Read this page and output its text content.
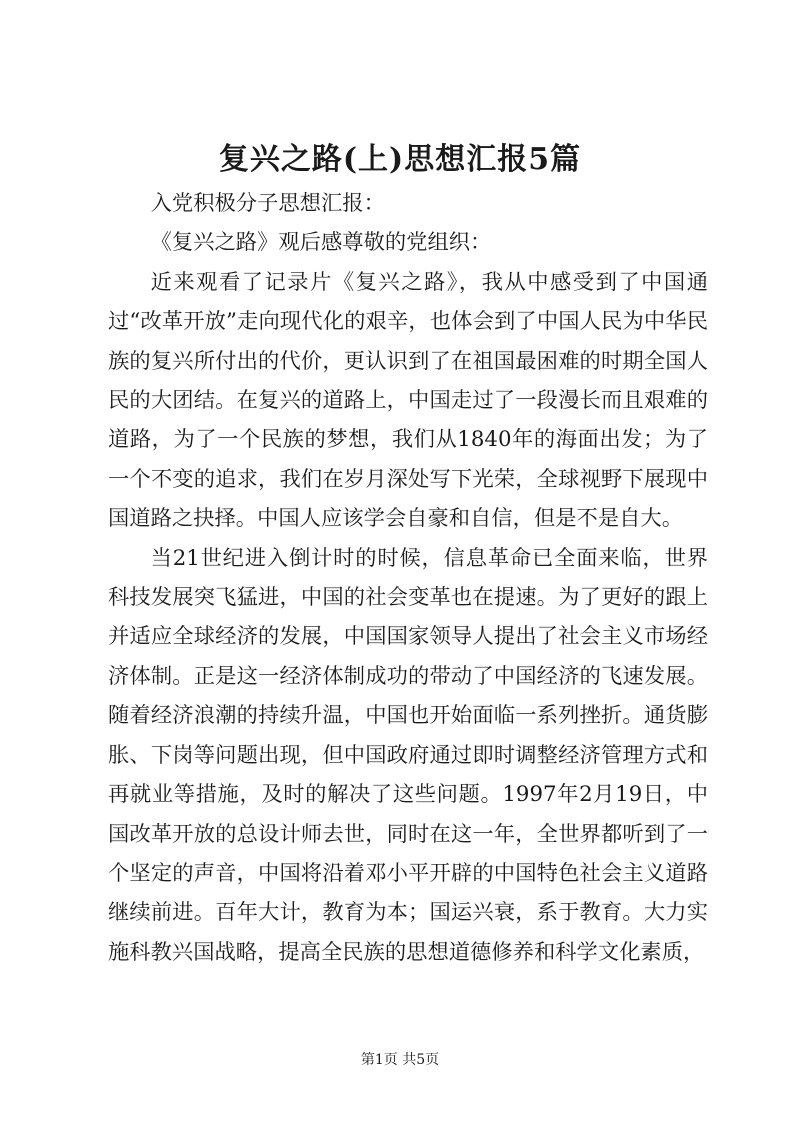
复兴之路(上)思想汇报5篇

入党积极分子思想汇报：

《复兴之路》观后感尊敬的党组织：

近来观看了记录片《复兴之路》，我从中感受到了中国通过“改革开放”走向现代化的艰辛，也体会到了中国人民为中华民族的复兴所付出的代价，更认识到了在祖国最困难的时期全国人民的大团结。在复兴的道路上，中国走过了一段漫长而且艰难的道路，为了一个民族的梦想，我们从1840年的海面出发；为了一个不变的追求，我们在岁月深处写下光荣，全球视野下展现中国道路之抉择。中国人应该学会自豪和自信，但是不是自大。

当21世纪进入倒计时的时候，信息革命已全面来临，世界科技发展突飞猛进，中国的社会变革也在提速。为了更好的跟上并适应全球经济的发展，中国国家领导人提出了社会主义市场经济体制。正是这一经济体制成功的带动了中国经济的飞速发展。随着经济浪潮的持续升温，中国也开始面临一系列挫折。通货膨胀、下岗等问题出现，但中国政府通过即时调整经济管理方式和再就业等措施，及时的解决了这些问题。1997年2月19日，中国改革开放的总设计师去世，同时在这一年，全世界都听到了一个坚定的声音，中国将沿着邓小平开辟的中国特色社会主义道路继续前进。百年大计，教育为本；国运兴衰，系于教育。大力实施科教兴国战略，提高全民族的思想道德修养和科学文化素质，

第1页 共5页
